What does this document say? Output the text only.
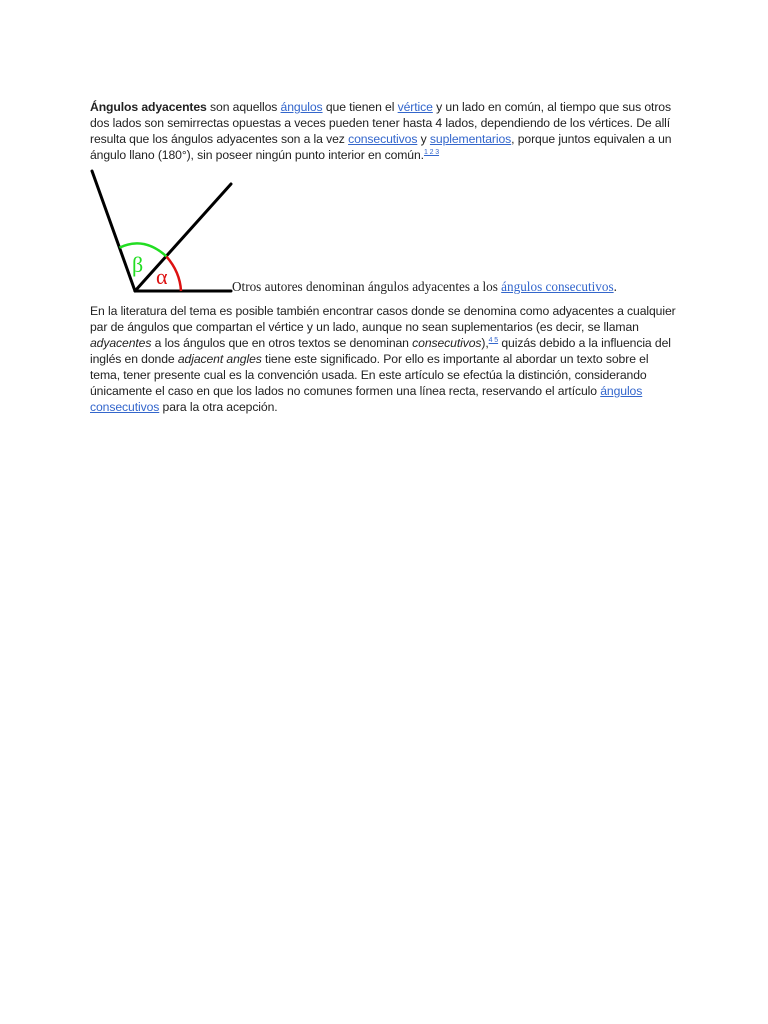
Ángulos adyacentes son aquellos ángulos que tienen el vértice y un lado en común, al tiempo que sus otros dos lados son semirrectas opuestas a veces pueden tener hasta 4 lados, dependiendo de los vértices. De allí resulta que los ángulos adyacentes son a la vez consecutivos y suplementarios, porque juntos equivalen a un ángulo llano (180°), sin poseer ningún punto interior en común.$^{1 2 3}$

β α	Otros autores denominan ángulos adyacentes a los ángulos consecutivos.

En la literatura del tema es posible también encontrar casos donde se denomina como adyacentes a cualquier par de ángulos que compartan el vértice y un lado, aunque no sean suplementarios (es decir, se llaman adyacentes a los ángulos que en otros textos se denominan consecutivos),$^{4 5}$ quizás debido a la influencia del inglés en donde adjacent angles tiene este significado. Por ello es importante al abordar un texto sobre el tema, tener presente cual es la convención usada. En este artículo se efectúa la distinción, considerando únicamente el caso en que los lados no comunes formen una línea recta, reservando el artículo ángulos consecutivos para la otra acepción.
